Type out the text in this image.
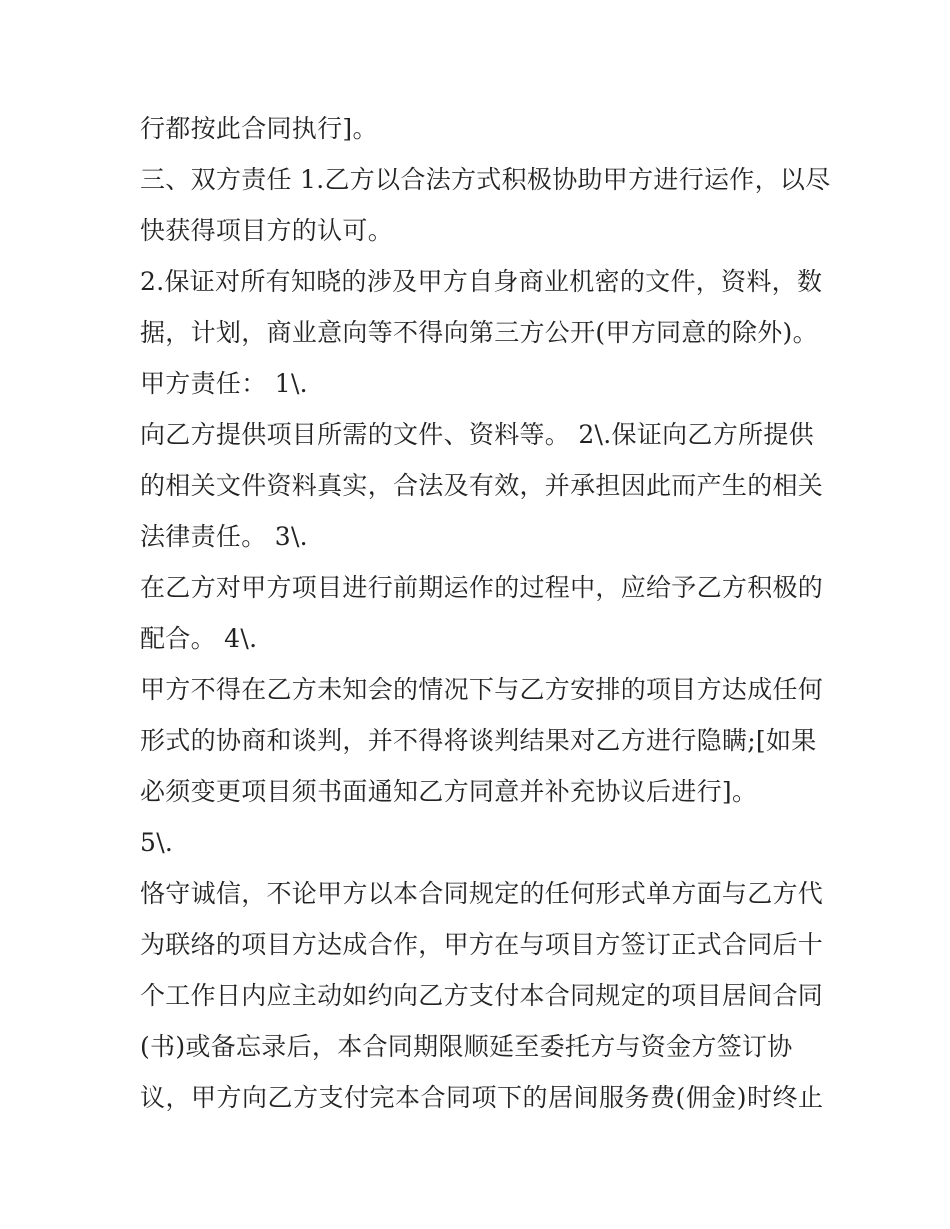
行都按此合同执行]。
三、双方责任 1.乙方以合法方式积极协助甲方进行运作，以尽
快获得项目方的认可。
2.保证对所有知晓的涉及甲方自身商业机密的文件，资料，数
据，计划，商业意向等不得向第三方公开(甲方同意的除外)。
甲方责任： 1\.
向乙方提供项目所需的文件、资料等。 2\.保证向乙方所提供
的相关文件资料真实，合法及有效，并承担因此而产生的相关
法律责任。 3\.
在乙方对甲方项目进行前期运作的过程中，应给予乙方积极的
配合。 4\.
甲方不得在乙方未知会的情况下与乙方安排的项目方达成任何
形式的协商和谈判，并不得将谈判结果对乙方进行隐瞒;[如果
必须变更项目须书面通知乙方同意并补充协议后进行]。
5\.
恪守诚信，不论甲方以本合同规定的任何形式单方面与乙方代
为联络的项目方达成合作，甲方在与项目方签订正式合同后十
个工作日内应主动如约向乙方支付本合同规定的项目居间合同
(书)或备忘录后，本合同期限顺延至委托方与资金方签订协
议，甲方向乙方支付完本合同项下的居间服务费(佣金)时终止
